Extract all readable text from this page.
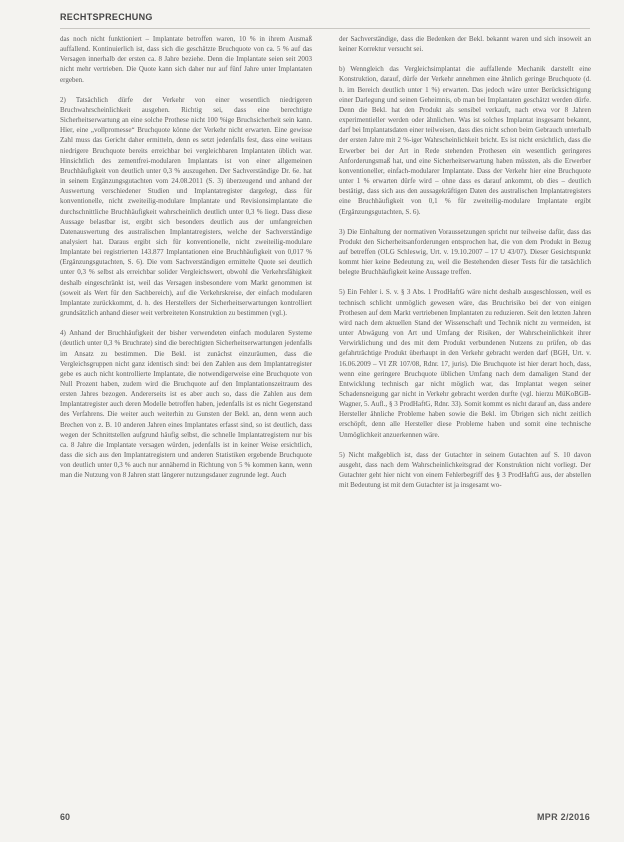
RECHTSPRECHUNG

das noch nicht funktioniert – Implantate betroffen waren, 10 % in ihrem Ausmaß auffallend. Kontinuierlich ist, dass sich die geschätzte Bruchquote von ca. 5 % auf das Versagen innerhalb der ersten ca. 8 Jahre beziehe. Denn die Implantate seien seit 2003 nicht mehr vertrieben. Die Quote kann sich daher nur auf fünf Jahre unter Implantaten ergeben.

2) Tatsächlich dürfe der Verkehr von einer wesentlich niedrigeren Bruchwahrscheinlichkeit ausgehen. Richtig sei, dass eine berechtigte Sicherheitserwartung an eine solche Prothese nicht 100 %ige Bruchsicherheit sein kann. Hier, eine „vollpromesse“ Bruchquote könne der Verkehr nicht erwarten. Eine gewisse Zahl muss das Gericht daher ermitteln, denn es setzt jedenfalls fest, dass eine weitaus niedrigere Bruchquote bereits erreichbar bei vergleichbaren Implantaten üblich war. Hinsichtlich des zementfrei-modularen Implantats ist von einer allgemeinen Bruchhäufigkeit von deutlich unter 0,3 % auszugehen. Der Sachverständige Dr. 6e. hat in seinem Ergänzungsgutachten vom 24.08.2011 (S. 3) überzeugend und anhand der Auswertung verschiedener Studien und Implantatregister dargelegt, dass für konventionelle, nicht zweiteilig-modulare Implantate und Revisionsimplantate die durchschnittliche Bruchhäufigkeit wahrscheinlich deutlich unter 0,3 % liegt. Dass diese Aussage belastbar ist, ergibt sich besonders deutlich aus der umfangreichen Datenauswertung des australischen Implantatregisters, welche der Sachverständige analysiert hat. Daraus ergibt sich für konventionelle, nicht zweiteilig-modulare Implantate bei registrierten 143.877 Implantationen eine Bruchhäufigkeit von 0,017 % (Ergänzungsgutachten, S. 6). Die vom Sachverständigen ermittelte Quote sei deutlich unter 0,3 % selbst als erreichbar solider Vergleichswert, obwohl die Verkehrsfähigkeit deshalb eingeschränkt ist, weil das Versagen insbesondere vom Markt genommen ist (soweit als Wert für den Sachbereich), auf die Verkehrskreise, der einfach modularen Implantate zurückkommt, d. h. des Herstellers der Sicherheitserwartungen kontrolliert grundsätzlich anhand dieser weit verbreiteten Konstruktion zu bestimmen (vgl.).

4) Anhand der Bruchhäufigkeit der bisher verwendeten einfach modularen Systeme (deutlich unter 0,3 % Bruchrate) sind die berechtigten Sicherheitserwartungen jedenfalls im Ansatz zu bestimmen. Die Bekl. ist zunächst einzuräumen, dass die Vergleichsgruppen nicht ganz identisch sind: bei den Zahlen aus dem Implantatregister gebe es auch nicht kontrollierte Implantate, die notwendigerweise eine Bruchquote von Null Prozent haben, zudem wird die Bruchquote auf den Implantationszeitraum des ersten Jahres bezogen. Andererseits ist es aber auch so, dass die Zahlen aus dem Implantatregister auch deren Modelle betroffen haben, jedenfalls ist es nicht Gegenstand des Verfahrens. Die weiter auch weiterhin zu Gunsten der Bekl. an, denn wenn auch Brechen von z. B. 10 anderen Jahren eines Implantates erfasst sind, so ist deutlich, dass wegen der Schnittstellen aufgrund häufig selbst, die schnelle Implantatregistern nur bis ca. 8 Jahre die Implantate versagen würden, jedenfalls ist in keiner Weise ersichtlich, dass die sich aus den Implantatregistern und anderen Statistiken ergebende Bruchquote von deutlich unter 0,3 % auch nur annähernd in Richtung von 5 % kommen kann, wenn man die Nutzung von 8 Jahren statt längerer nutzungsdauer zugrunde legt. Auch

der Sachverständige, dass die Bedenken der Bekl. bekannt waren und sich insoweit an keiner Korrektur versucht sei.

b) Wenngleich das Vergleichsimplantat die auffallende Mechanik darstellt eine Konstruktion, darauf, dürfe der Verkehr annehmen eine ähnlich geringe Bruchquote (d. h. im Bereich deutlich unter 1 %) erwarten. Das jedoch wäre unter Berücksichtigung einer Darlegung und seinen Geheimnis, ob man bei Implantaten geschätzt werden dürfe. Denn die Bekl. hat den Produkt als sensibel verkauft, nach etwa vor 8 Jahren experimentieller werden oder ähnlichen. Was ist solches Implantat insgesamt bekannt, darf bei Implantatsdaten einer teilweisen, dass dies nicht schon beim Gebrauch unterhalb der ersten Jahre mit 2 %-iger Wahrscheinlichkeit bricht. Es ist nicht ersichtlich, dass die Erwerber bei der Art in Rede stehenden Prothesen ein wesentlich geringeres Anforderungsmaß hat, und eine Sicherheitserwartung haben müssten, als die Erwerber konventioneller, einfach-modularer Implantate. Dass der Verkehr hier eine Bruchquote unter 1 % erwarten dürfe wird – ohne dass es darauf ankommt, ob dies – deutlich bestätigt, dass sich aus den aussagekräftigen Daten des australischen Implantatregisters eine Bruchhäufigkeit von 0,1 % für zweiteilig-modulare Implantate ergibt (Ergänzungsgutachten, S. 6).

3) Die Einhaltung der normativen Voraussetzungen spricht nur teilweise dafür, dass das Produkt den Sicherheitsanforderungen entsprochen hat, die von dem Produkt in Bezug auf betreffen (OLG Schleswig, Urt. v. 19.10.2007 – 17 U 43/07). Dieser Gesichtspunkt kommt hier keine Bedeutung zu, weil die Bestehenden dieser Tests für die tatsächlich belegte Bruchhäufigkeit keine Aussage treffen.

5) Ein Fehler i. S. v. § 3 Abs. 1 ProdHaftG wäre nicht deshalb ausgeschlossen, weil es technisch schlicht unmöglich gewesen wäre, das Bruchrisiko bei der von einigen Prothesen auf dem Markt vertriebenen Implantaten zu reduzieren. Seit den letzten Jahren wird nach dem aktuellen Stand der Wissenschaft und Technik nicht zu vermeiden, ist unter Abwägung von Art und Umfang der Risiken, der Wahrscheinlichkeit ihrer Verwirklichung und des mit dem Produkt verbundenen Nutzens zu prüfen, ob das gefahrträchtige Produkt überhaupt in den Verkehr gebracht werden darf (BGH, Urt. v. 16.06.2009 – VI ZR 107/08, Rdnr. 17, juris). Die Bruchquote ist hier derart hoch, dass, wenn eine geringere Bruchquote üblichen Umfang nach dem damaligen Stand der Entwicklung technisch gar nicht möglich war, das Implantat wegen seiner Schadensneigung gar nicht in Verkehr gebracht werden durfte (vgl. hierzu MüKoBGB-Wagner, 5. Aufl., § 3 ProdHaftG, Rdnr. 33). Somit kommt es nicht darauf an, dass andere Hersteller ähnliche Probleme haben sowie die Bekl. im Übrigen sich nicht zeitlich erschöpft, denn alle Hersteller diese Probleme haben und somit eine technische Unmöglichkeit anzuerkennen wäre.

5) Nicht maßgeblich ist, dass der Gutachter in seinem Gutachten auf S. 10 davon ausgeht, dass nach dem Wahrscheinlichkeitsgrad der Konstruktion nicht vorliegt. Der Gutachter geht hier nicht von einem Fehlerbegriff des § 3 ProdHaftG aus, der abstellen mit Bedeutung ist mit dem Gutachter ist ja insgesamt wo-

60	MPR 2/2016
